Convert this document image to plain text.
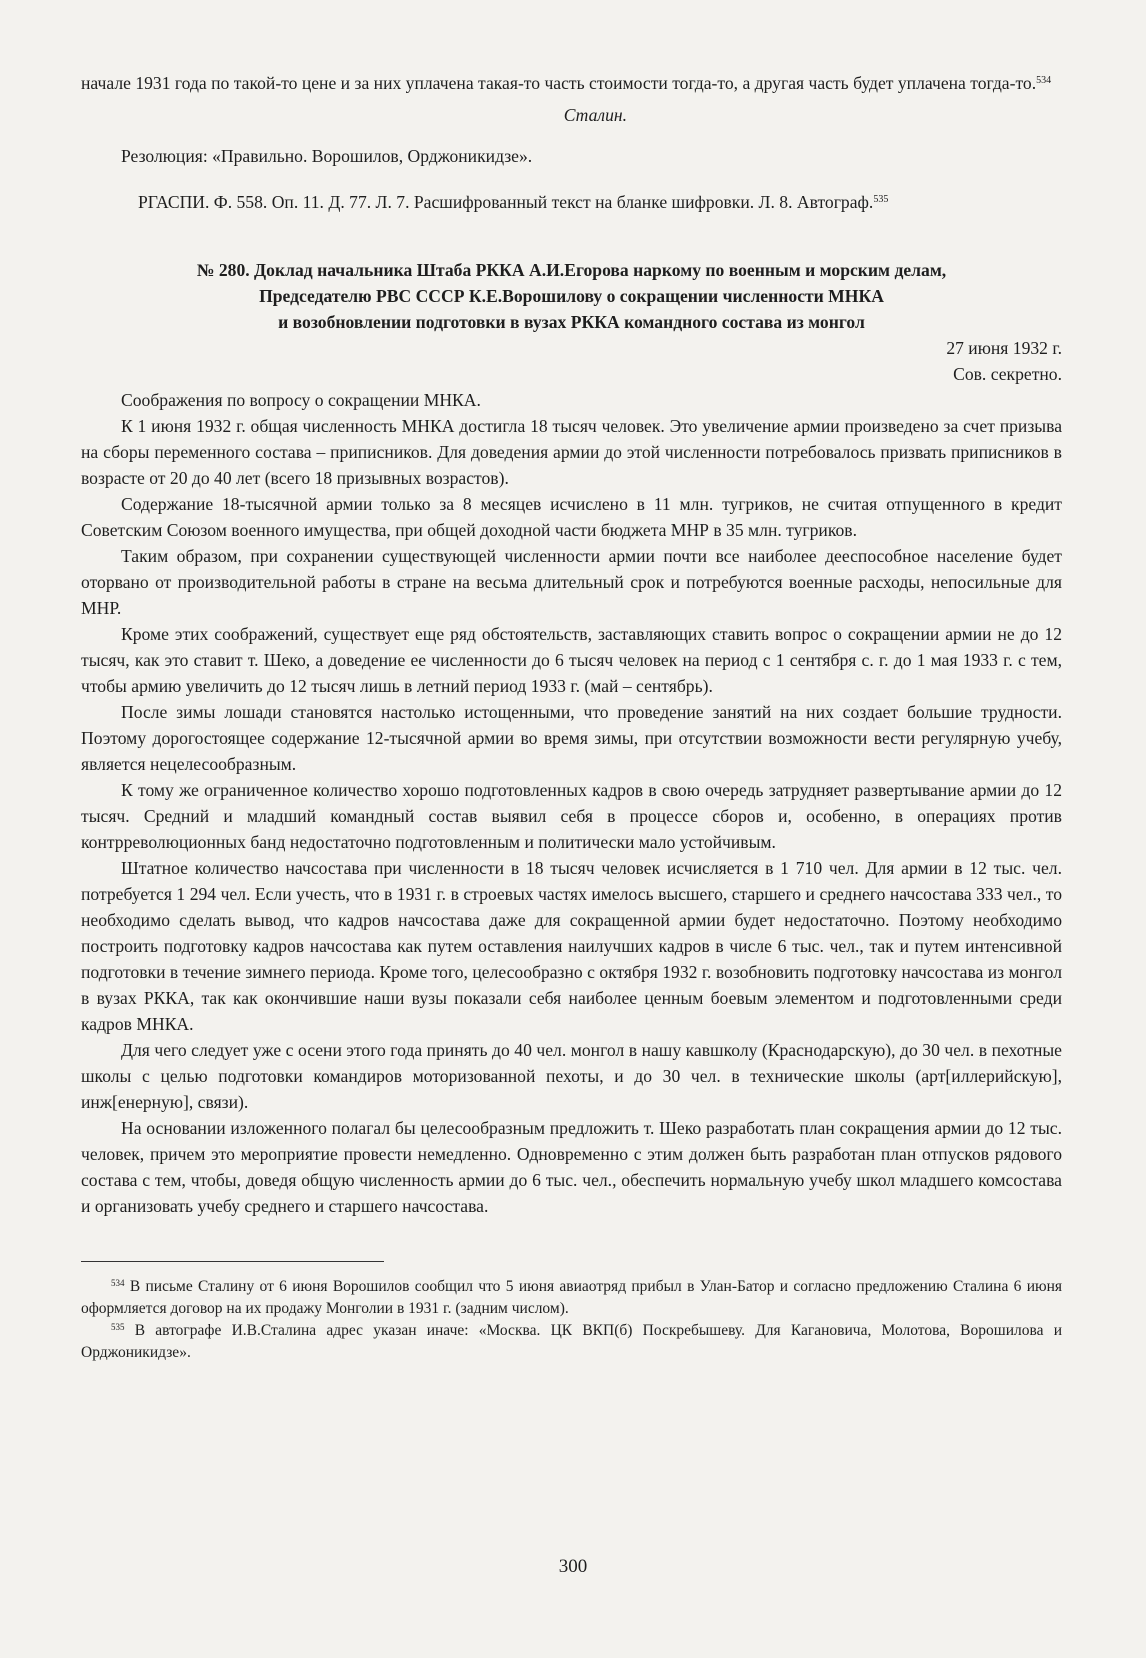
начале 1931 года по такой-то цене и за них уплачена такая-то часть стоимости тогда-то, а другая часть будет уплачена тогда-то.$^{534}$

Сталин.

Резолюция: «Правильно. Ворошилов, Орджоникидзе».

РГАСПИ. Ф. 558. Оп. 11. Д. 77. Л. 7. Расшифрованный текст на бланке шифровки. Л. 8. Автограф.$^{535}$

№ 280. Доклад начальника Штаба РККА А.И.Егорова наркому по военным и морским делам,
Председателю РВС СССР К.Е.Ворошилову о сокращении численности МНКА
и возобновлении подготовки в вузах РККА командного состава из монгол

27 июня 1932 г.

Сов. секретно.

Соображения по вопросу о сокращении МНКА.

К 1 июня 1932 г. общая численность МНКА достигла 18 тысяч человек. Это увеличение армии произведено за счет призыва на сборы переменного состава – приписников. Для доведения армии до этой численности потребовалось призвать приписников в возрасте от 20 до 40 лет (всего 18 призывных возрастов).

Содержание 18-тысячной армии только за 8 месяцев исчислено в 11 млн. тугриков, не считая отпущенного в кредит Советским Союзом военного имущества, при общей доходной части бюджета МНР в 35 млн. тугриков.

Таким образом, при сохранении существующей численности армии почти все наиболее дееспособное население будет оторвано от производительной работы в стране на весьма длительный срок и потребуются военные расходы, непосильные для МНР.

Кроме этих соображений, существует еще ряд обстоятельств, заставляющих ставить вопрос о сокращении армии не до 12 тысяч, как это ставит т. Шеко, а доведение ее численности до 6 тысяч человек на период с 1 сентября с. г. до 1 мая 1933 г. с тем, чтобы армию увеличить до 12 тысяч лишь в летний период 1933 г. (май – сентябрь).

После зимы лошади становятся настолько истощенными, что проведение занятий на них создает большие трудности. Поэтому дорогостоящее содержание 12-тысячной армии во время зимы, при отсутствии возможности вести регулярную учебу, является нецелесообразным.

К тому же ограниченное количество хорошо подготовленных кадров в свою очередь затрудняет развертывание армии до 12 тысяч. Средний и младший командный состав выявил себя в процессе сборов и, особенно, в операциях против контрреволюционных банд недостаточно подготовленным и политически мало устойчивым.

Штатное количество начсостава при численности в 18 тысяч человек исчисляется в 1 710 чел. Для армии в 12 тыс. чел. потребуется 1 294 чел. Если учесть, что в 1931 г. в строевых частях имелось высшего, старшего и среднего начсостава 333 чел., то необходимо сделать вывод, что кадров начсостава даже для сокращенной армии будет недостаточно. Поэтому необходимо построить подготовку кадров начсостава как путем оставления наилучших кадров в числе 6 тыс. чел., так и путем интенсивной подготовки в течение зимнего периода. Кроме того, целесообразно с октября 1932 г. возобновить подготовку начсостава из монгол в вузах РККА, так как окончившие наши вузы показали себя наиболее ценным боевым элементом и подготовленными среди кадров МНКА.

Для чего следует уже с осени этого года принять до 40 чел. монгол в нашу кавшколу (Краснодарскую), до 30 чел. в пехотные школы с целью подготовки командиров моторизованной пехоты, и до 30 чел. в технические школы (арт[иллерийскую], инж[енерную], связи).

На основании изложенного полагал бы целесообразным предложить т. Шеко разработать план сокращения армии до 12 тыс. человек, причем это мероприятие провести немедленно. Одновременно с этим должен быть разработан план отпусков рядового состава с тем, чтобы, доведя общую численность армии до 6 тыс. чел., обеспечить нормальную учебу школ младшего комсостава и организовать учебу среднего и старшего начсостава.

$^{534}$ В письме Сталину от 6 июня Ворошилов сообщил что 5 июня авиаотряд прибыл в Улан-Батор и согласно предложению Сталина 6 июня оформляется договор на их продажу Монголии в 1931 г. (задним числом).

$^{535}$ В автографе И.В.Сталина адрес указан иначе: «Москва. ЦК ВКП(б) Поскребышеву. Для Кагановича, Молотова, Ворошилова и Орджоникидзе».

300
